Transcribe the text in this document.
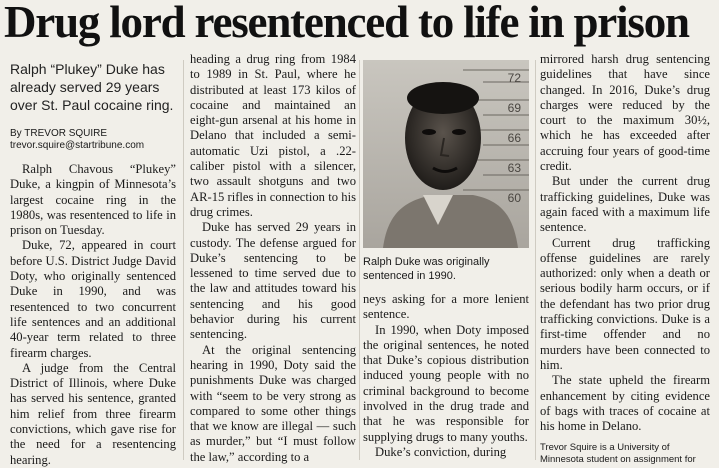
Drug lord resentenced to life in prison
Ralph “Plukey” Duke has already served 29 years over St. Paul cocaine ring.
By TREVOR SQUIRE
trevor.squire@startribune.com

Ralph Chavous “Plukey” Duke, a kingpin of Minnesota’s largest cocaine ring in the 1980s, was resentenced to life in prison on Tuesday.

Duke, 72, appeared in court before U.S. District Judge David Doty, who originally sentenced Duke in 1990, and was resentenced to two concurrent life sentences and an additional 40-year term related to three firearm charges.

A judge from the Central District of Illinois, where Duke has served his sentence, granted him relief from three firearm convictions, which gave rise for the need for a resentencing hearing.

heading a drug ring from 1984 to 1989 in St. Paul, where he distributed at least 173 kilos of cocaine and maintained an eight-gun arsenal at his home in Delano that included a semi-automatic Uzi pistol, a .22-caliber pistol with a silencer, two assault shotguns and two AR-15 rifles in connection to his drug crimes.

Duke has served 29 years in custody. The defense argued for Duke’s sentencing to be lessened to time served due to the law and attitudes toward his sentencing and his good behavior during his current sentencing.

At the original sentencing hearing in 1990, Doty said the punishments Duke was charged with “seem to be very strong as compared to some other things that we know are illegal — such as murder,” but “I must follow the law,” according to a

72
69
66
63
60
Ralph Duke was originally sentenced in 1990.

neys asking for a more lenient sentence.

In 1990, when Doty imposed the original sentences, he noted that Duke’s copious distribution induced young people with no criminal background to become involved in the drug trade and that he was responsible for supplying drugs to many youths.

Duke’s conviction, during

mirrored harsh drug sentencing guidelines that have since changed. In 2016, Duke’s drug charges were reduced by the court to the maximum 30½, which he has exceeded after accruing four years of good-time credit.

But under the current drug trafficking guidelines, Duke was again faced with a maximum life sentence.

Current drug trafficking offense guidelines are rarely authorized: only when a death or serious bodily harm occurs, or if the defendant has two prior drug trafficking convictions. Duke is a first-time offender and no murders have been connected to him.

The state upheld the firearm enhancement by citing evidence of bags with traces of cocaine at his home in Delano.

Trevor Squire is a University of Minnesota student on assignment for
